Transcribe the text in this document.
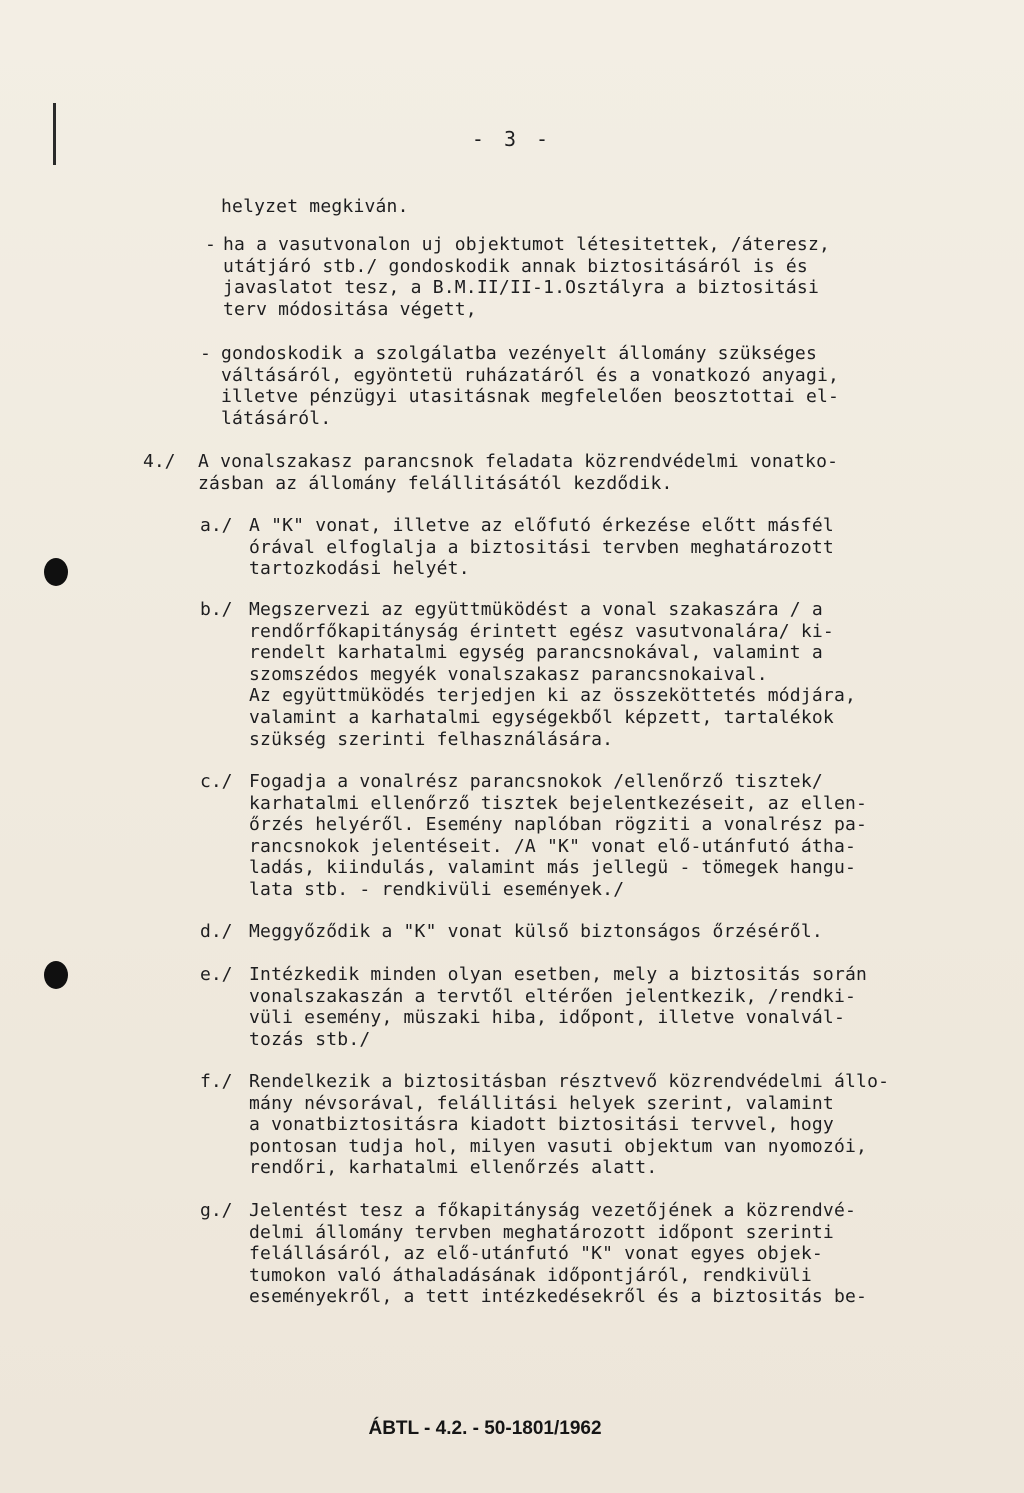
- 3 -
helyzet megkiván.
- ha a vasutvonalon uj objektumot létesitettek, /áteresz,
utátjáró stb./ gondoskodik annak biztositásáról is és
javaslatot tesz, a B.M.II/II-1.Osztályra a biztositási
terv módositása végett,
- gondoskodik a szolgálatba vezényelt állomány szükséges
váltásáról, egyöntetü ruházatáról és a vonatkozó anyagi,
illetve pénzügyi utasitásnak megfelelően beosztottai el-
látásáról.
4./ A vonalszakasz parancsnok feladata közrendvédelmi vonatko-
zásban az állomány felállitásától kezdődik.
a./ A "K" vonat, illetve az előfutó érkezése előtt másfél
órával elfoglalja a biztositási tervben meghatározott
tartozkodási helyét.
b./ Megszervezi az együttmüködést a vonal szakaszára / a
rendőrfőkapitányság érintett egész vasutvonalára/ ki-
rendelt karhatalmi egység parancsnokával, valamint a
szomszédos megyék vonalszakasz parancsnokaival.
Az együttmüködés terjedjen ki az összeköttetés módjára,
valamint a karhatalmi egységekből képzett, tartalékok
szükség szerinti felhasználására.
c./ Fogadja a vonalrész parancsnokok /ellenőrző tisztek/
karhatalmi ellenőrző tisztek bejelentkezéseit, az ellen-
őrzés helyéről. Esemény naplóban rögziti a vonalrész pa-
rancsnokok jelentéseit. /A "K" vonat elő-utánfutó átha-
ladás, kiindulás, valamint más jellegü - tömegek hangu-
lata stb. - rendkivüli események./
d./ Meggyőződik a "K" vonat külső biztonságos őrzéséről.
e./ Intézkedik minden olyan esetben, mely a biztositás során
vonalszakaszán a tervtől eltérően jelentkezik, /rendki-
vüli esemény, müszaki hiba, időpont, illetve vonalvál-
tozás stb./
f./ Rendelkezik a biztositásban résztvevő közrendvédelmi állo-
mány névsorával, felállitási helyek szerint, valamint
a vonatbiztositásra kiadott biztositási tervvel, hogy
pontosan tudja hol, milyen vasuti objektum van nyomozói,
rendőri, karhatalmi ellenőrzés alatt.
g./ Jelentést tesz a főkapitányság vezetőjének a közrendvé-
delmi állomány tervben meghatározott időpont szerinti
felállásáról, az elő-utánfutó "K" vonat egyes objek-
tumokon való áthaladásának időpontjáról, rendkivüli
eseményekről, a tett intézkedésekről és a biztositás be-
ÁBTL - 4.2. - 50-1801/1962
